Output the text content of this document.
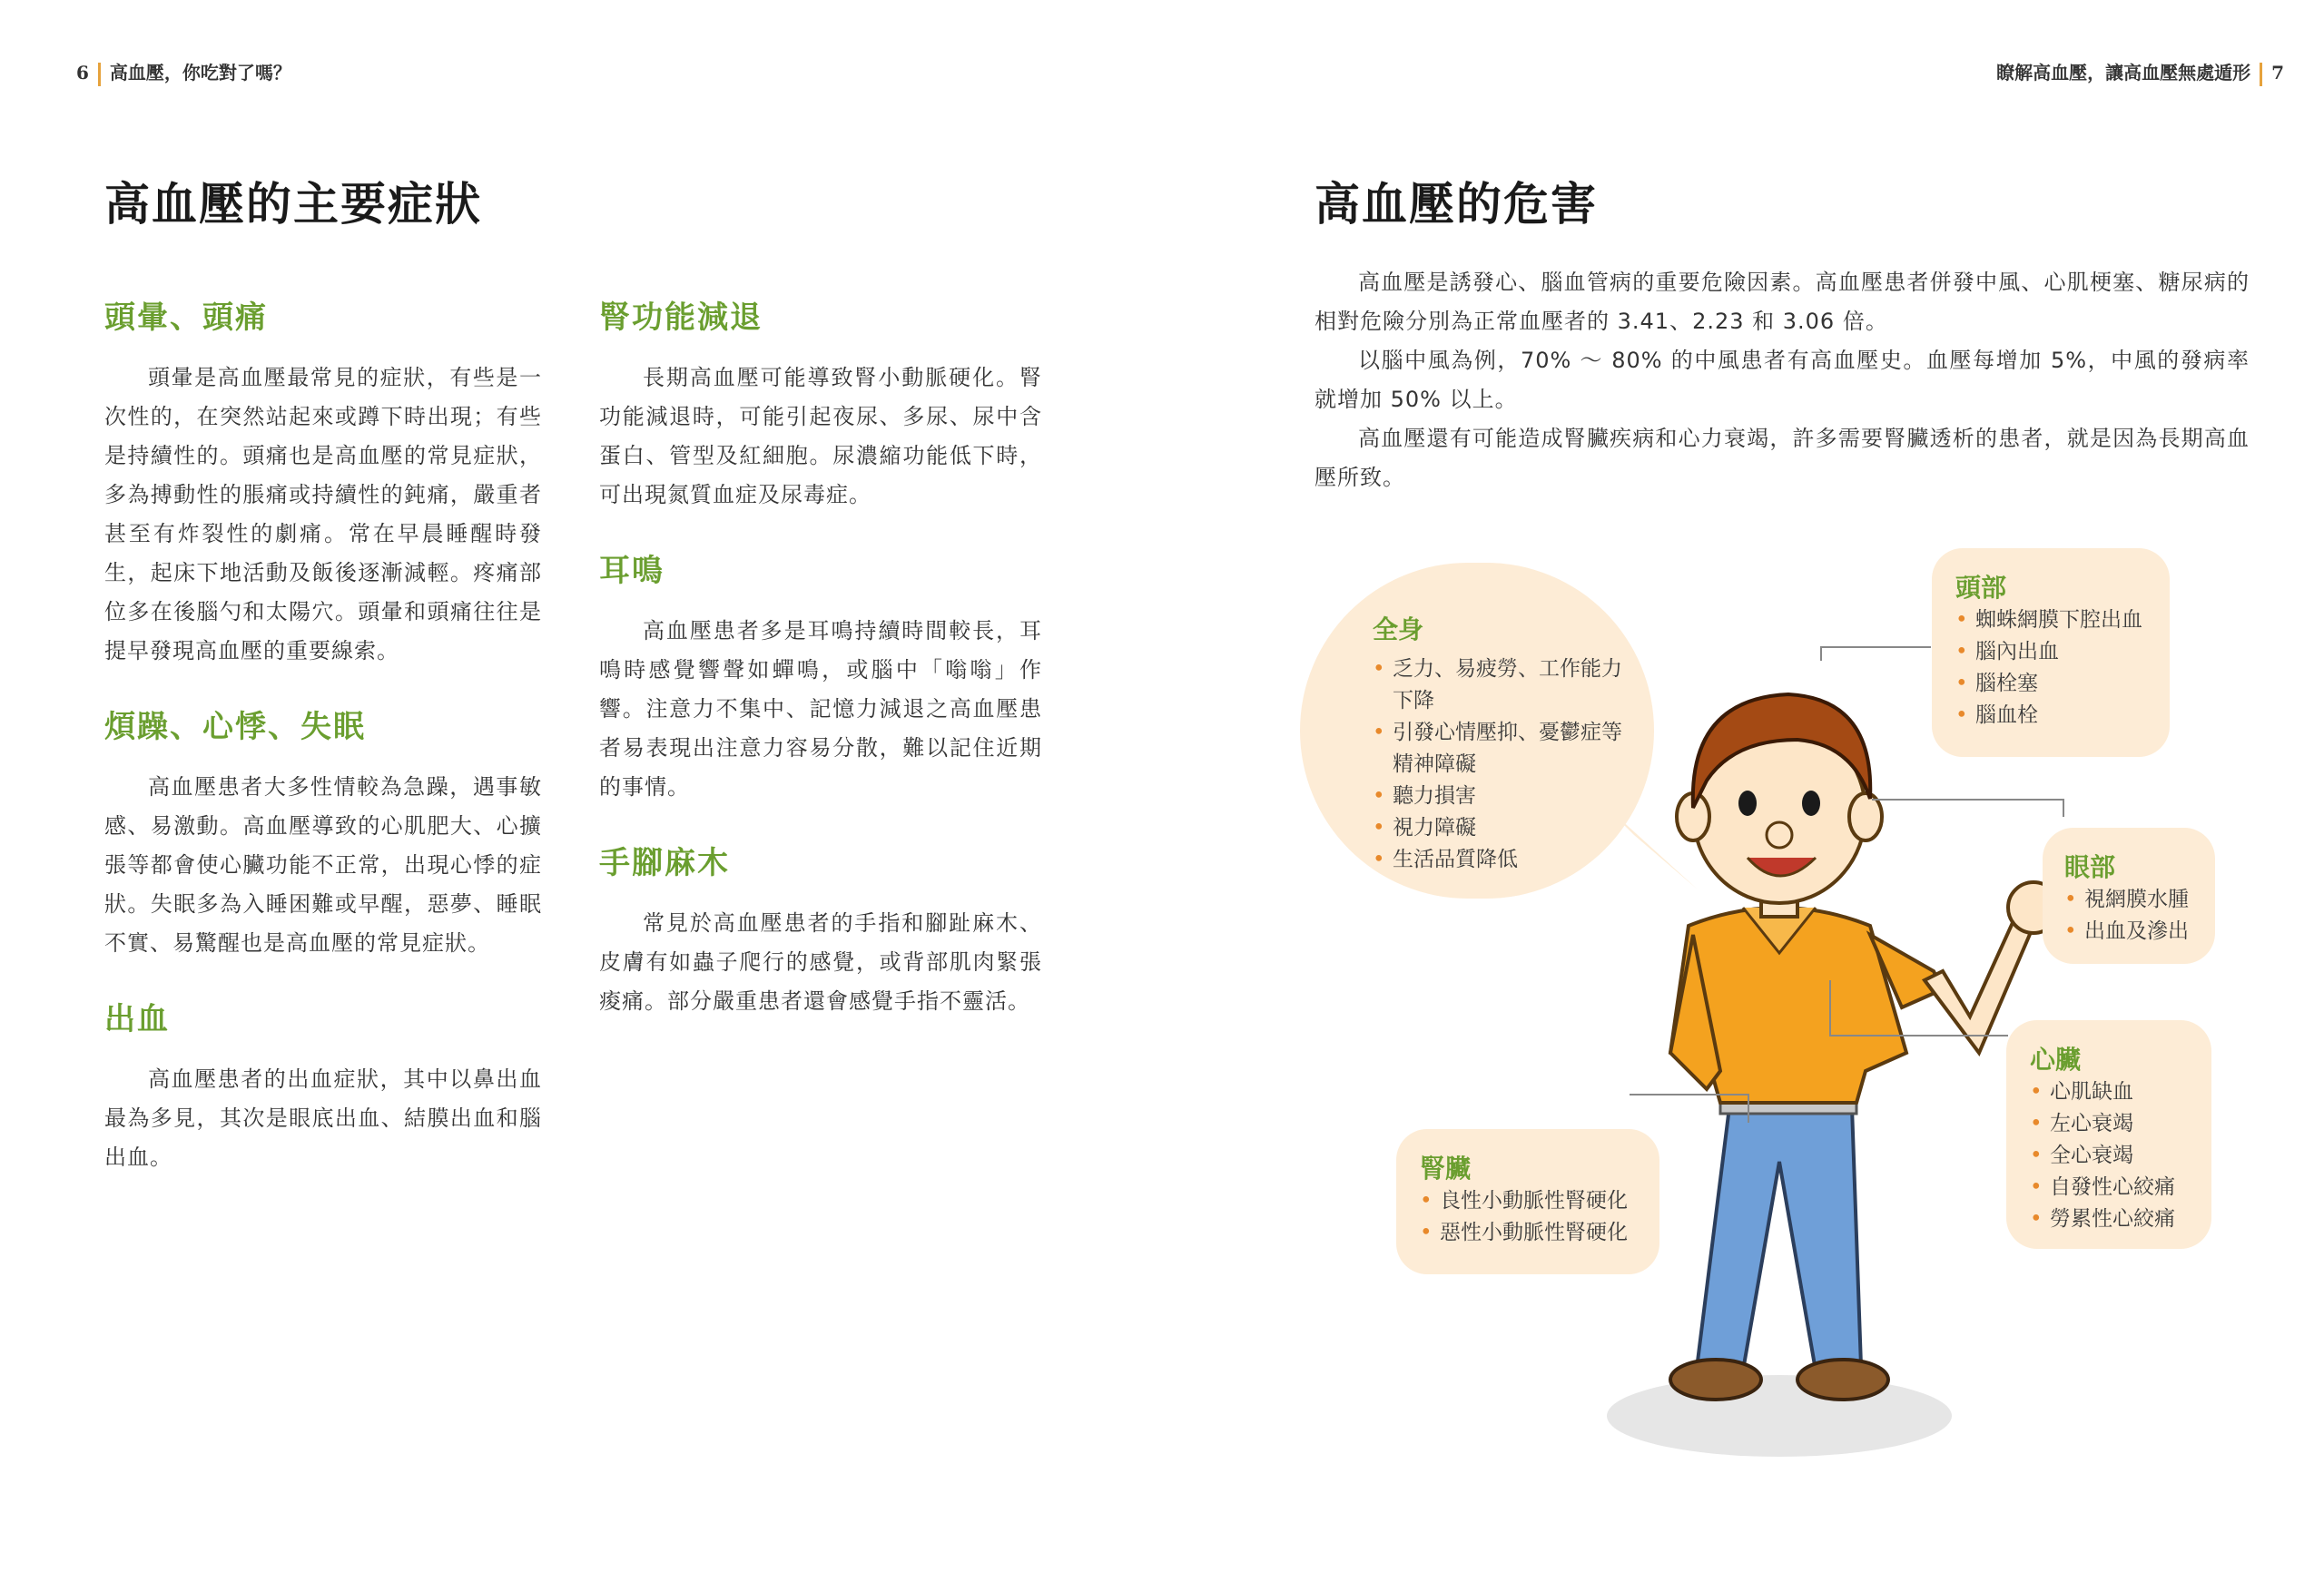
6 高血壓，你吃對了嗎？	瞭解高血壓，讓高血壓無處遁形 7
高血壓的主要症狀
頭暈、頭痛

頭暈是高血壓最常見的症狀，有些是一次性的，在突然站起來或蹲下時出現；有些是持續性的。頭痛也是高血壓的常見症狀，多為搏動性的脹痛或持續性的鈍痛，嚴重者甚至有炸裂性的劇痛。常在早晨睡醒時發生，起床下地活動及飯後逐漸減輕。疼痛部位多在後腦勺和太陽穴。頭暈和頭痛往往是提早發現高血壓的重要線索。

煩躁、心悸、失眠

高血壓患者大多性情較為急躁，遇事敏感、易激動。高血壓導致的心肌肥大、心擴張等都會使心臟功能不正常，出現心悸的症狀。失眠多為入睡困難或早醒，惡夢、睡眠不實、易驚醒也是高血壓的常見症狀。

出血

高血壓患者的出血症狀，其中以鼻出血最為多見，其次是眼底出血、結膜出血和腦出血。

腎功能減退

長期高血壓可能導致腎小動脈硬化。腎功能減退時，可能引起夜尿、多尿、尿中含蛋白、管型及紅細胞。尿濃縮功能低下時，可出現氮質血症及尿毒症。

耳鳴

高血壓患者多是耳鳴持續時間較長，耳鳴時感覺響聲如蟬鳴，或腦中「嗡嗡」作響。注意力不集中、記憶力減退之高血壓患者易表現出注意力容易分散，難以記住近期的事情。

手腳麻木

常見於高血壓患者的手指和腳趾麻木、皮膚有如蟲子爬行的感覺，或背部肌肉緊張痠痛。部分嚴重患者還會感覺手指不靈活。

高血壓的危害

高血壓是誘發心、腦血管病的重要危險因素。高血壓患者併發中風、心肌梗塞、糖尿病的相對危險分別為正常血壓者的 3.41、2.23 和 3.06 倍。

以腦中風為例，70% ～ 80% 的中風患者有高血壓史。血壓每增加 5%，中風的發病率就增加 50% 以上。

高血壓還有可能造成腎臟疾病和心力衰竭，許多需要腎臟透析的患者，就是因為長期高血壓所致。

全身
• 乏力、易疲勞、工作能力下降
• 引發心情壓抑、憂鬱症等精神障礙
• 聽力損害
• 視力障礙
• 生活品質降低
頭部
• 蜘蛛網膜下腔出血
• 腦內出血
• 腦栓塞
• 腦血栓
眼部
• 視網膜水腫
• 出血及滲出
心臟
• 心肌缺血
• 左心衰竭
• 全心衰竭
• 自發性心絞痛
• 勞累性心絞痛
腎臟
• 良性小動脈性腎硬化
• 惡性小動脈性腎硬化
